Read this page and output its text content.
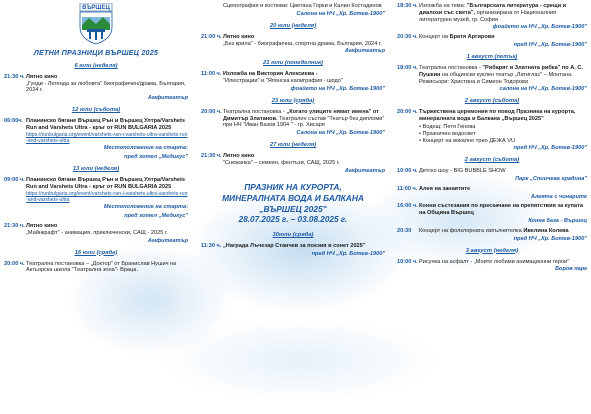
ВЪРШЕЦ
ЛЕТНИ ПРАЗНИЦИ ВЪРШЕЦ 2025
6 юли (неделя)
21:30 ч. Лятно кино
„Гунди - Легенда за любовта" биографичен/драма, България, 2024 г.
Амфитеатър
12 юли (събота)
06:00ч. Планинско бягане Вършец Рън и Вършец Ултра/Varshets Run and Varshets Ultra - кръг от RUN BULGARIA 2025
https://runbulgaria.org/event/varshets-ran-i-varshets-ultra-varshets-run-and-varshets-ultra
Местоположение на старта:
пред хотел „Медикус"
13 юли (неделя)
09:00 ч. Планинско бягане Вършец Рън и Вършец Ултра/Varshets Run and Varshets Ultra - кръг от RUN BULGARIA 2025
https://runbulgaria.org/event/varshets-ran-i-varshets-ultra-varshets-run-and-varshets-ultra
Местоположение на старта:
пред хотел „Медикус"
21:30 ч. Лятно кино
„Майнкрафт" - анимация, приключенски, САЩ - 2025 г.
Амфитеатър
16 юли (сряда)
20:00 ч. Театрална постановка – „Доктор" от Бранислав Нушич на Актьорска школа "Театрална зона"- Враца.
Сценография и костюми: Цветана Горки и Калин Костадинов
Салона на НЧ „Хр. Ботев-1900"
20 юли (неделя)
21:00 ч. Лятно кино
„Без крила" - биографична, спортна драма, България, 2024 г.
Амфитеатър
21 юли (понеделник)
11:00 ч. Изложба на Виктория Алексиева -
"Илюстрации" и "Японска калиграфия - шодо"
фоайето на НЧ „Хр. Ботев-1900"
23 юли (сряда)
20:00 ч. Театрална постановка - „Когато улиците нямат имена" от Димитър Златанов. Театрален състав "Театър без дипломи" при НЧ "Иван Вазов 1904 " - гр. Хисаря
Салона на НЧ „Хр. Ботев-1900"
27 юли (неделя)
21:30 ч. Лятно кино
"Снежанка" – семеен, фентъзи, САЩ, 2025 г.
Амфитеатър
ПРАЗНИК НА КУРОРТА,
МИНЕРАЛНАТА ВОДА И БАЛКАНА
„ВЪРШЕЦ 2025"
28.07.2025 г. – 03.08.2025 г.
30юли (сряда)
11:30 ч. „Награда Лъчезар Станчев за поезия в сонет 2025"
пред НЧ „Хр. Ботев-1900"
18:30 ч. Изложба на тема: "Българската литература - срещи и диалози със света", организирана от Националния литературен музей, гр. София
фоайето на НЧ „Хр. Ботев-1900"
20:30 ч. Концерт на Братя Аргирови
пред НЧ „Хр. Ботев-1900"
1 август (петък)
18:00 ч. Театрална постановка - "Рибарят и Златната рибка" по А. С. Пушкин на общински куклен театър „Латиглас" – Монтана. Режисьори: Христина и Симеон Тодорови
салона на НЧ „Хр. Ботев-1900"
2 август (събота)
20:00 ч. Тържествена церемония по повод Празника на курорта, минералната вода и Балкана „Вършец 2025"
• Водещ: Петя Генова
• Празничен водосвет
• Концерт на вокално трио ДЕЖА VU
пред НЧ „Хр. Ботев-1900"
2 август (събота)
10:00 ч. Детско шоу - BIG BUBBLE SHOW
Парк „Спиичева градина"
11:00 ч. Алея на занаятите
Алеята с чинарите
16:00 ч. Конни състезания по прескачане на препятствия за купата на Община Вършец
Конна база - Вършец
20:30	Концерт на фолклорната изпълнителка Ивелина Колева
пред НЧ „Хр. Ботев-1900"
3 август (неделя)
10:00 ч. Рисунка на асфалт - „Моите любими анимационни герои"
Боров парк
